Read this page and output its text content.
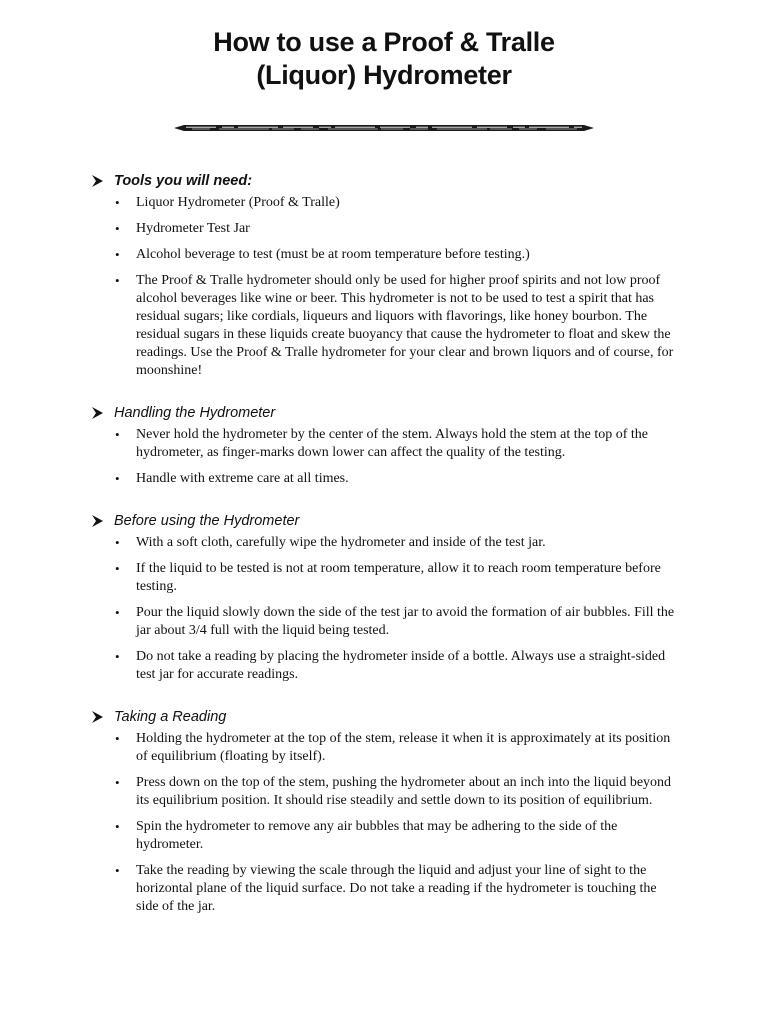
How to use a Proof & Tralle
(Liquor) Hydrometer
Tools you will need:
• Liquor Hydrometer (Proof & Tralle)
• Hydrometer Test Jar
• Alcohol beverage to test (must be at room temperature before testing.)
• The Proof & Tralle hydrometer should only be used for higher proof spirits and not low proof alcohol beverages like wine or beer. This hydrometer is not to be used to test a spirit that has residual sugars; like cordials, liqueurs and liquors with flavorings, like honey bourbon. The residual sugars in these liquids create buoyancy that cause the hydrometer to float and skew the readings. Use the Proof & Tralle hydrometer for your clear and brown liquors and of course, for moonshine!
Handling the Hydrometer
• Never hold the hydrometer by the center of the stem. Always hold the stem at the top of the hydrometer, as finger-marks down lower can affect the quality of the testing.
• Handle with extreme care at all times.
Before using the Hydrometer
• With a soft cloth, carefully wipe the hydrometer and inside of the test jar.
• If the liquid to be tested is not at room temperature, allow it to reach room temperature before testing.
• Pour the liquid slowly down the side of the test jar to avoid the formation of air bubbles. Fill the jar about 3/4 full with the liquid being tested.
• Do not take a reading by placing the hydrometer inside of a bottle. Always use a straight-sided test jar for accurate readings.
Taking a Reading
• Holding the hydrometer at the top of the stem, release it when it is approximately at its position of equilibrium (floating by itself).
• Press down on the top of the stem, pushing the hydrometer about an inch into the liquid beyond its equilibrium position. It should rise steadily and settle down to its position of equilibrium.
• Spin the hydrometer to remove any air bubbles that may be adhering to the side of the hydrometer.
• Take the reading by viewing the scale through the liquid and adjust your line of sight to the horizontal plane of the liquid surface. Do not take a reading if the hydrometer is touching the side of the jar.
